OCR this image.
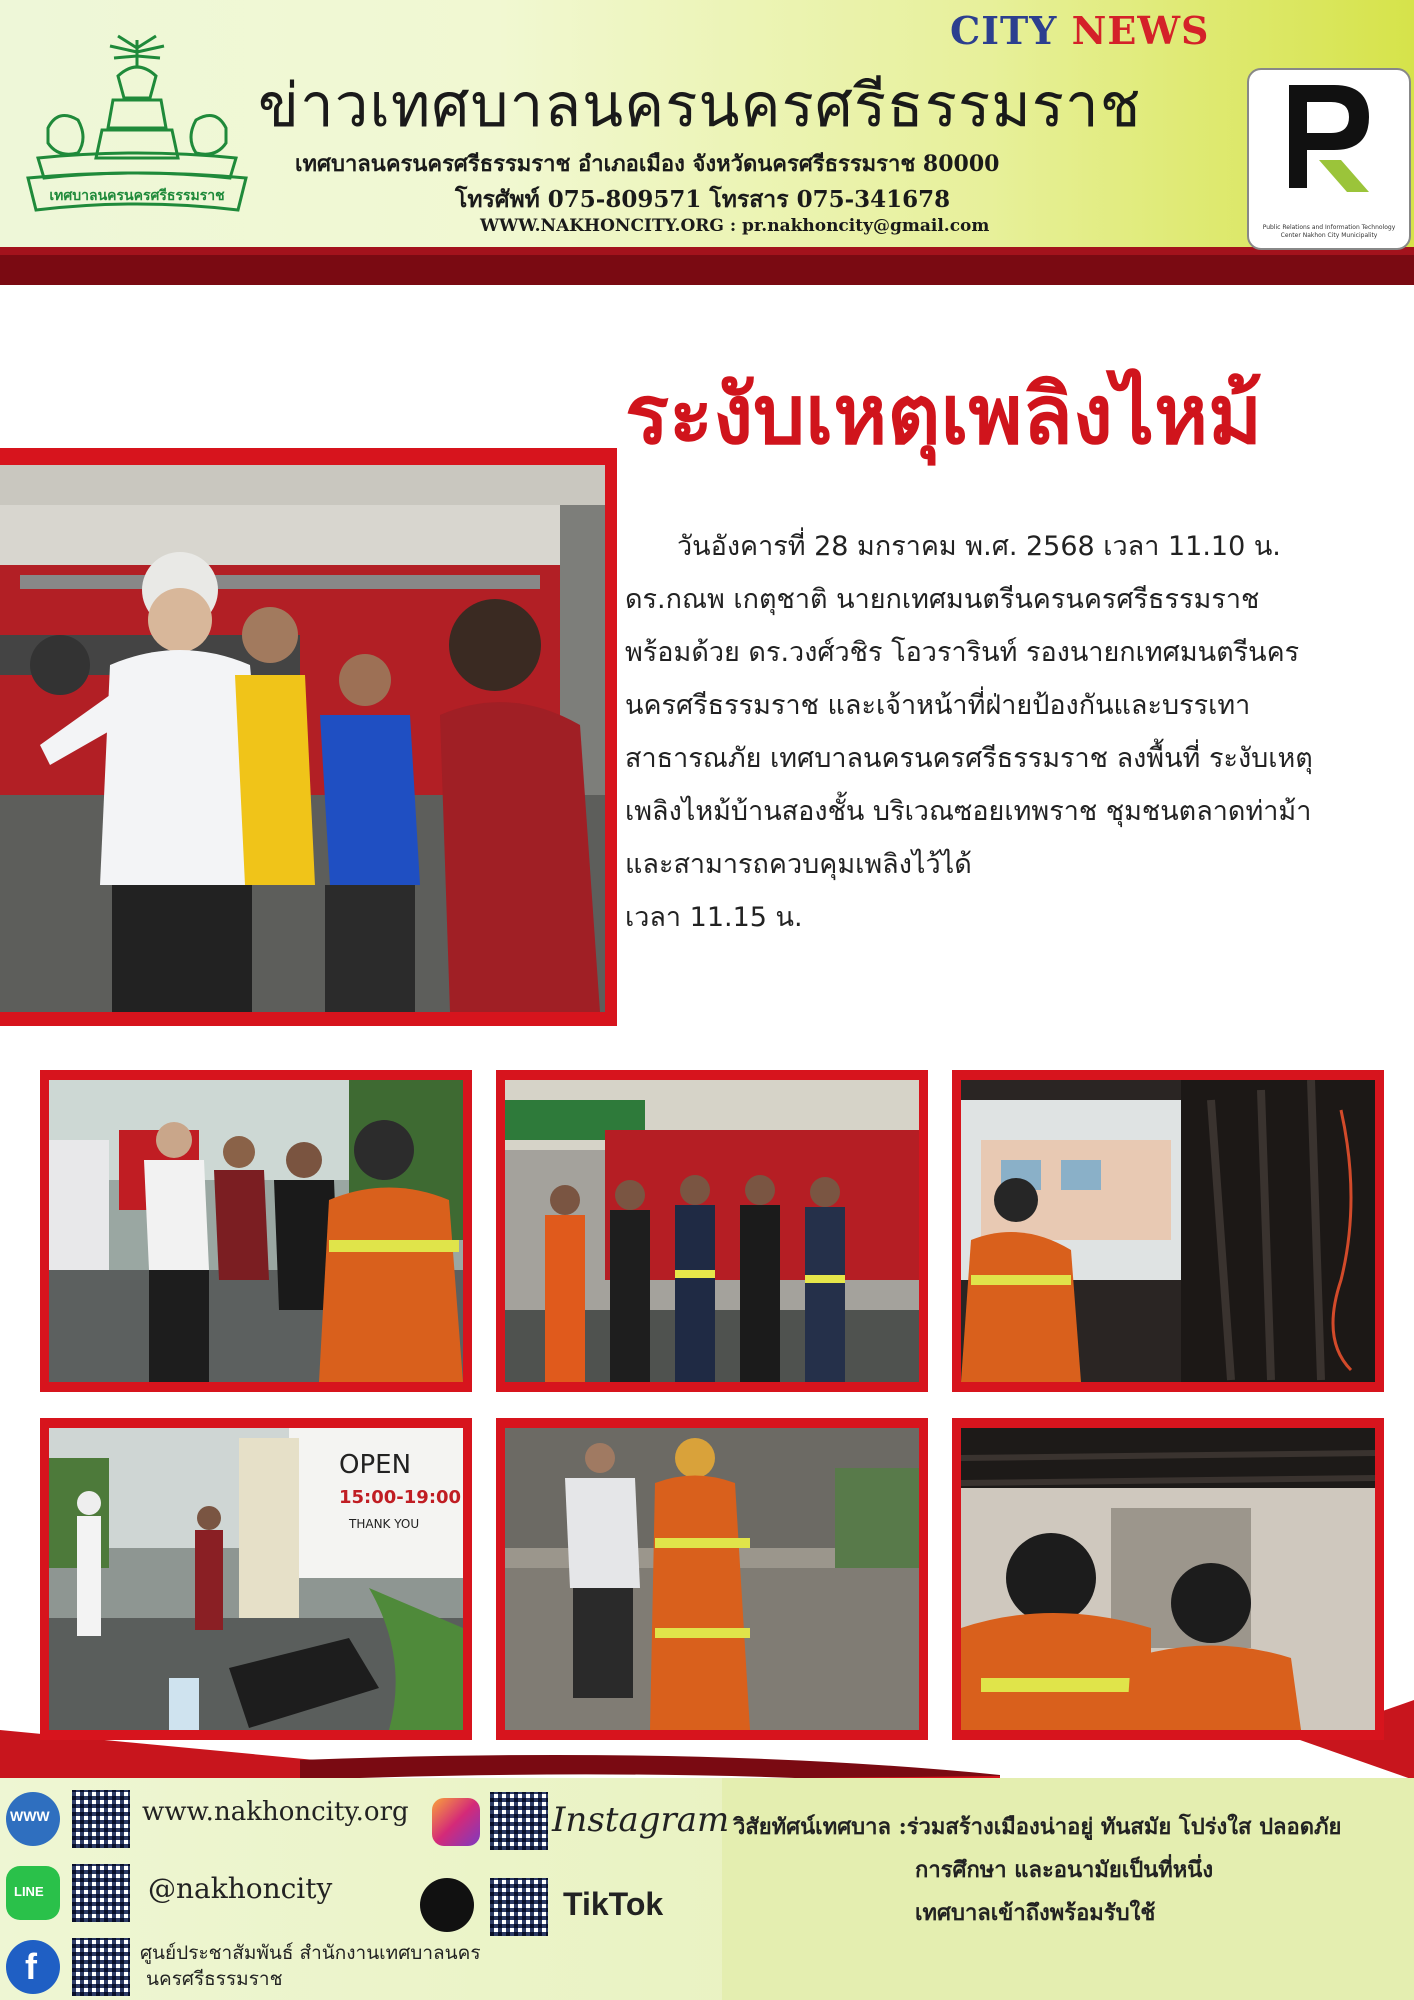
เทศบาลนครนครศรีธรรมราช
CITY NEWS
ข่าวเทศบาลนครนครศรีธรรมราช
เทศบาลนครนครศรีธรรมราช อำเภอเมือง จังหวัดนครศรีธรรมราช 80000
โทรศัพท์ 075-809571 โทรสาร 075-341678
WWW.NAKHONCITY.ORG : pr.nakhoncity@gmail.com	Public Relations and Information Technology Center Nakhon City Municipality
ระงับเหตุเพลิงไหม้

วันอังคารที่ 28 มกราคม พ.ศ. 2568 เวลา 11.10 น.

ดร.กณพ เกตุชาติ นายกเทศมนตรีนครนครศรีธรรมราช

พร้อมด้วย ดร.วงศ์วชิร โอวรารินท์ รองนายกเทศมนตรีนคร

นครศรีธรรมราช และเจ้าหน้าที่ฝ่ายป้องกันและบรรเทา

สาธารณภัย เทศบาลนครนครศรีธรรมราช ลงพื้นที่ ระงับเหตุ

เพลิงไหม้บ้านสองชั้น บริเวณซอยเทพราช ชุมชนตลาดท่าม้า

และสามารถควบคุมเพลิงไว้ได้

เวลา 11.15 น.

OPEN
15:00-19:00
THANK YOU
WWW	www.nakhoncity.org	Instagram
LINE	@nakhoncity	TikTok
f	ศูนย์ประชาสัมพันธ์ สำนักงานเทศบาลนคร
นครศรีธรรมราช

วิสัยทัศน์เทศบาล :ร่วมสร้างเมืองน่าอยู่ ทันสมัย โปร่งใส ปลอดภัย

การศึกษา และอนามัยเป็นที่หนึ่ง

เทศบาลเข้าถึงพร้อมรับใช้
